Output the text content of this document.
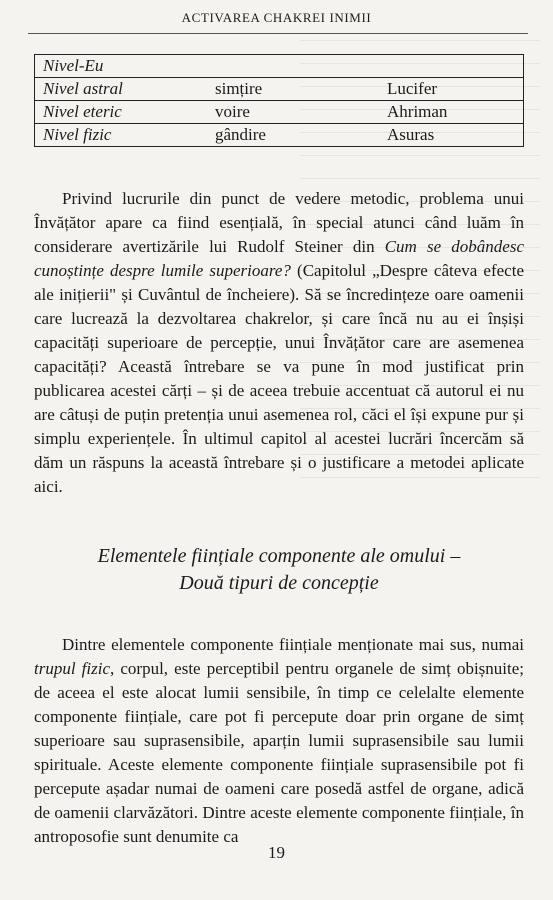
ACTIVAREA CHAKREI INIMII
Nivel-Eu		
Nivel astral	simțire	Lucifer
Nivel eteric	voire	Ahriman
Nivel fizic	gândire	Asuras
Privind lucrurile din punct de vedere metodic, problema unui Învățător apare ca fiind esențială, în special atunci când luăm în considerare avertizările lui Rudolf Steiner din Cum se dobândesc cunoștințe despre lumile superioare? (Capitolul „Despre câteva efecte ale inițierii" și Cuvântul de încheiere). Să se încredințeze oare oamenii care lucrează la dezvoltarea chakrelor, și care încă nu au ei înșiși capacități superioare de percepție, unui Învățător care are asemenea capacități? Această întrebare se va pune în mod justificat prin publicarea acestei cărți – și de aceea trebuie accentuat că autorul ei nu are câtuși de puțin pretenția unui asemenea rol, căci el își expune pur și simplu experiențele. În ultimul capitol al acestei lucrări încercăm să dăm un răspuns la această întrebare și o justificare a metodei aplicate aici.
Elementele ființiale componente ale omului –
Două tipuri de concepție
Dintre elementele componente ființiale menționate mai sus, numai trupul fizic, corpul, este perceptibil pentru organele de simț obișnuite; de aceea el este alocat lumii sensibile, în timp ce celelalte elemente componente ființiale, care pot fi percepute doar prin organe de simț superioare sau suprasensibile, aparțin lumii suprasensibile sau lumii spirituale. Aceste elemente componente ființiale suprasensibile pot fi percepute așadar numai de oameni care posedă astfel de organe, adică de oamenii clarvăzători. Dintre aceste elemente componente ființiale, în antroposofie sunt denumite ca
19
